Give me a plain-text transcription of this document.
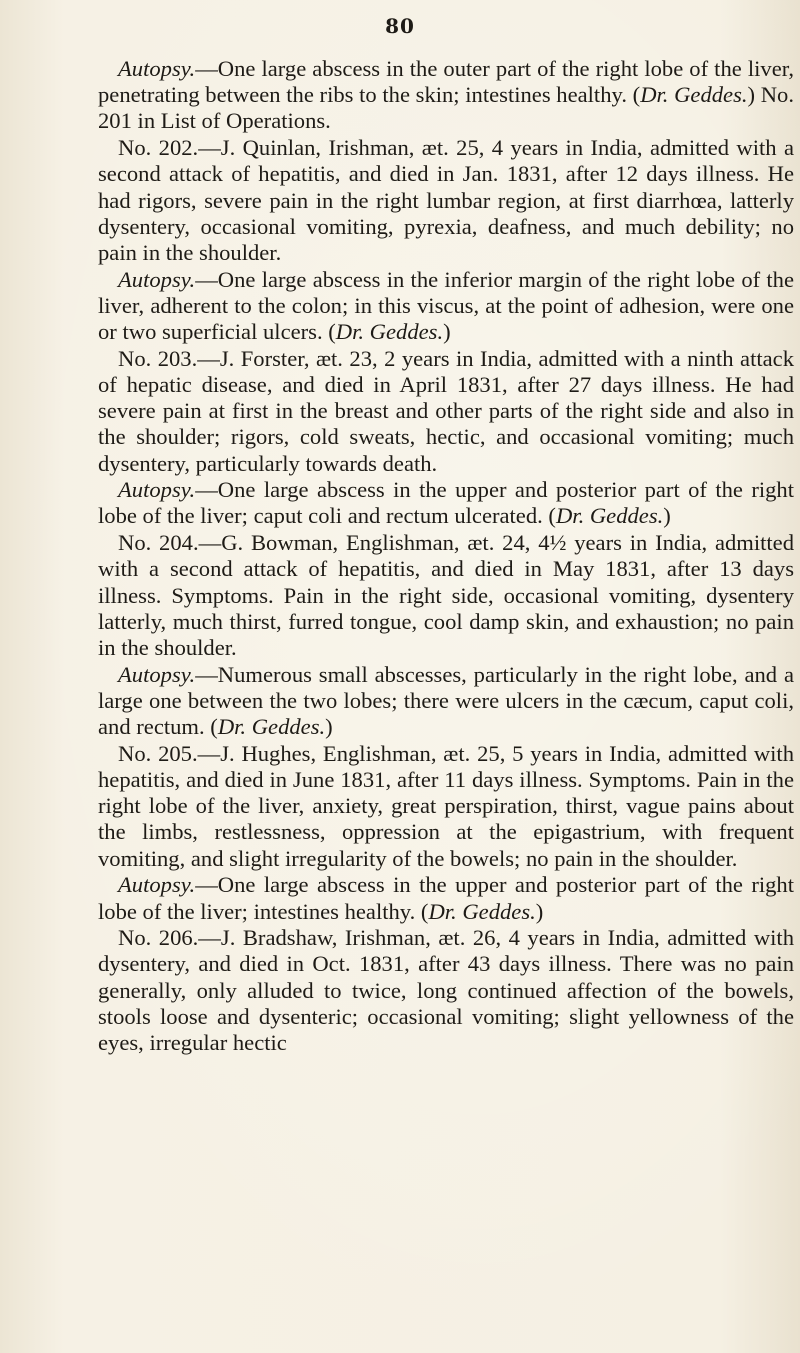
80

Autopsy.—One large abscess in the outer part of the right lobe of the liver, penetrating between the ribs to the skin; intestines healthy. (Dr. Geddes.) No. 201 in List of Operations.

No. 202.—J. Quinlan, Irishman, æt. 25, 4 years in India, admitted with a second attack of hepatitis, and died in Jan. 1831, after 12 days illness. He had rigors, severe pain in the right lumbar region, at first diarrhœa, latterly dysentery, occasional vomiting, pyrexia, deafness, and much debility; no pain in the shoulder.

Autopsy.—One large abscess in the inferior margin of the right lobe of the liver, adherent to the colon; in this viscus, at the point of adhesion, were one or two superficial ulcers. (Dr. Geddes.)

No. 203.—J. Forster, æt. 23, 2 years in India, admitted with a ninth attack of hepatic disease, and died in April 1831, after 27 days illness. He had severe pain at first in the breast and other parts of the right side and also in the shoulder; rigors, cold sweats, hectic, and occasional vomiting; much dysentery, particularly towards death.

Autopsy.—One large abscess in the upper and posterior part of the right lobe of the liver; caput coli and rectum ulcerated. (Dr. Geddes.)

No. 204.—G. Bowman, Englishman, æt. 24, 4½ years in India, admitted with a second attack of hepatitis, and died in May 1831, after 13 days illness. Symptoms. Pain in the right side, occasional vomiting, dysentery latterly, much thirst, furred tongue, cool damp skin, and exhaustion; no pain in the shoulder.

Autopsy.—Numerous small abscesses, particularly in the right lobe, and a large one between the two lobes; there were ulcers in the cæcum, caput coli, and rectum. (Dr. Geddes.)

No. 205.—J. Hughes, Englishman, æt. 25, 5 years in India, admitted with hepatitis, and died in June 1831, after 11 days illness. Symptoms. Pain in the right lobe of the liver, anxiety, great perspiration, thirst, vague pains about the limbs, restlessness, oppression at the epigastrium, with frequent vomiting, and slight irregularity of the bowels; no pain in the shoulder.

Autopsy.—One large abscess in the upper and posterior part of the right lobe of the liver; intestines healthy. (Dr. Geddes.)

No. 206.—J. Bradshaw, Irishman, æt. 26, 4 years in India, admitted with dysentery, and died in Oct. 1831, after 43 days illness. There was no pain generally, only alluded to twice, long continued affection of the bowels, stools loose and dysenteric; occasional vomiting; slight yellowness of the eyes, irregular hectic
